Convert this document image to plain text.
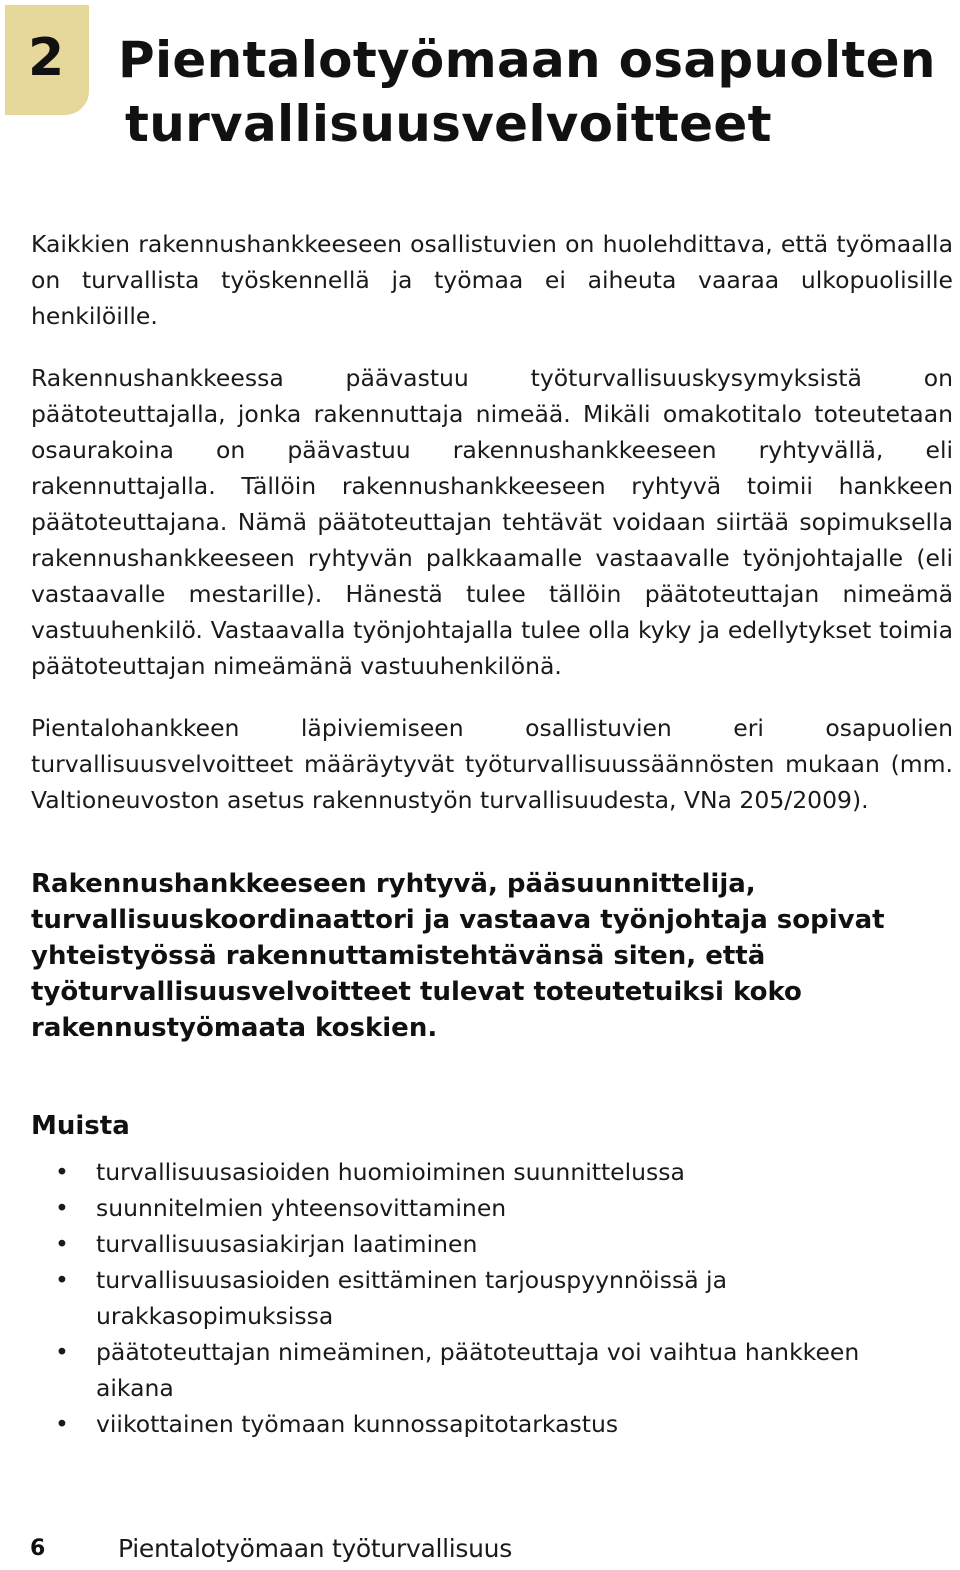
2 Pientalotyömaan osapuolten
turvallisuusvelvoitteet

Kaikkien rakennushankkeeseen osallistuvien on huolehdittava, että työmaalla on turvallista työskennellä ja työmaa ei aiheuta vaaraa ulkopuolisille henkilöille.

Rakennushankkeessa päävastuu työturvallisuuskysymyksistä on päätoteuttajalla, jonka rakennuttaja nimeää. Mikäli omakotitalo toteutetaan osaurakoina on päävastuu rakennushankkeeseen ryhtyvällä, eli rakennuttajalla. Tällöin rakennushankkeeseen ryhtyvä toimii hankkeen päätoteuttajana. Nämä päätoteuttajan tehtävät voidaan siirtää sopimuksella rakennushankkeeseen ryhtyvän palkkaamalle vastaavalle työnjohtajalle (eli vastaavalle mestarille). Hänestä tulee tällöin päätoteuttajan nimeämä vastuuhenkilö. Vastaavalla työnjohtajalla tulee olla kyky ja edellytykset toimia päätoteuttajan nimeämänä vastuuhenkilönä.

Pientalohankkeen läpiviemiseen osallistuvien eri osapuolien turvallisuusvelvoitteet määräytyvät työturvallisuussäännösten mukaan (mm. Valtioneuvoston asetus rakennustyön turvallisuudesta, VNa 205/2009).

Rakennushankkeeseen ryhtyvä, pääsuunnittelija, turvallisuuskoordinaattori ja vastaava työnjohtaja sopivat yhteistyössä rakennuttamistehtävänsä siten, että työturvallisuusvelvoitteet tulevat toteutetuiksi koko rakennustyömaata koskien.

Muista
• turvallisuusasioiden huomioiminen suunnittelussa
• suunnitelmien yhteensovittaminen
• turvallisuusasiakirjan laatiminen
• turvallisuusasioiden esittäminen tarjouspyynnöissä ja urakkasopimuksissa
• päätoteuttajan nimeäminen, päätoteuttaja voi vaihtua hankkeen aikana
• viikottainen työmaan kunnossapitotarkastus
6	Pientalotyömaan työturvallisuus
